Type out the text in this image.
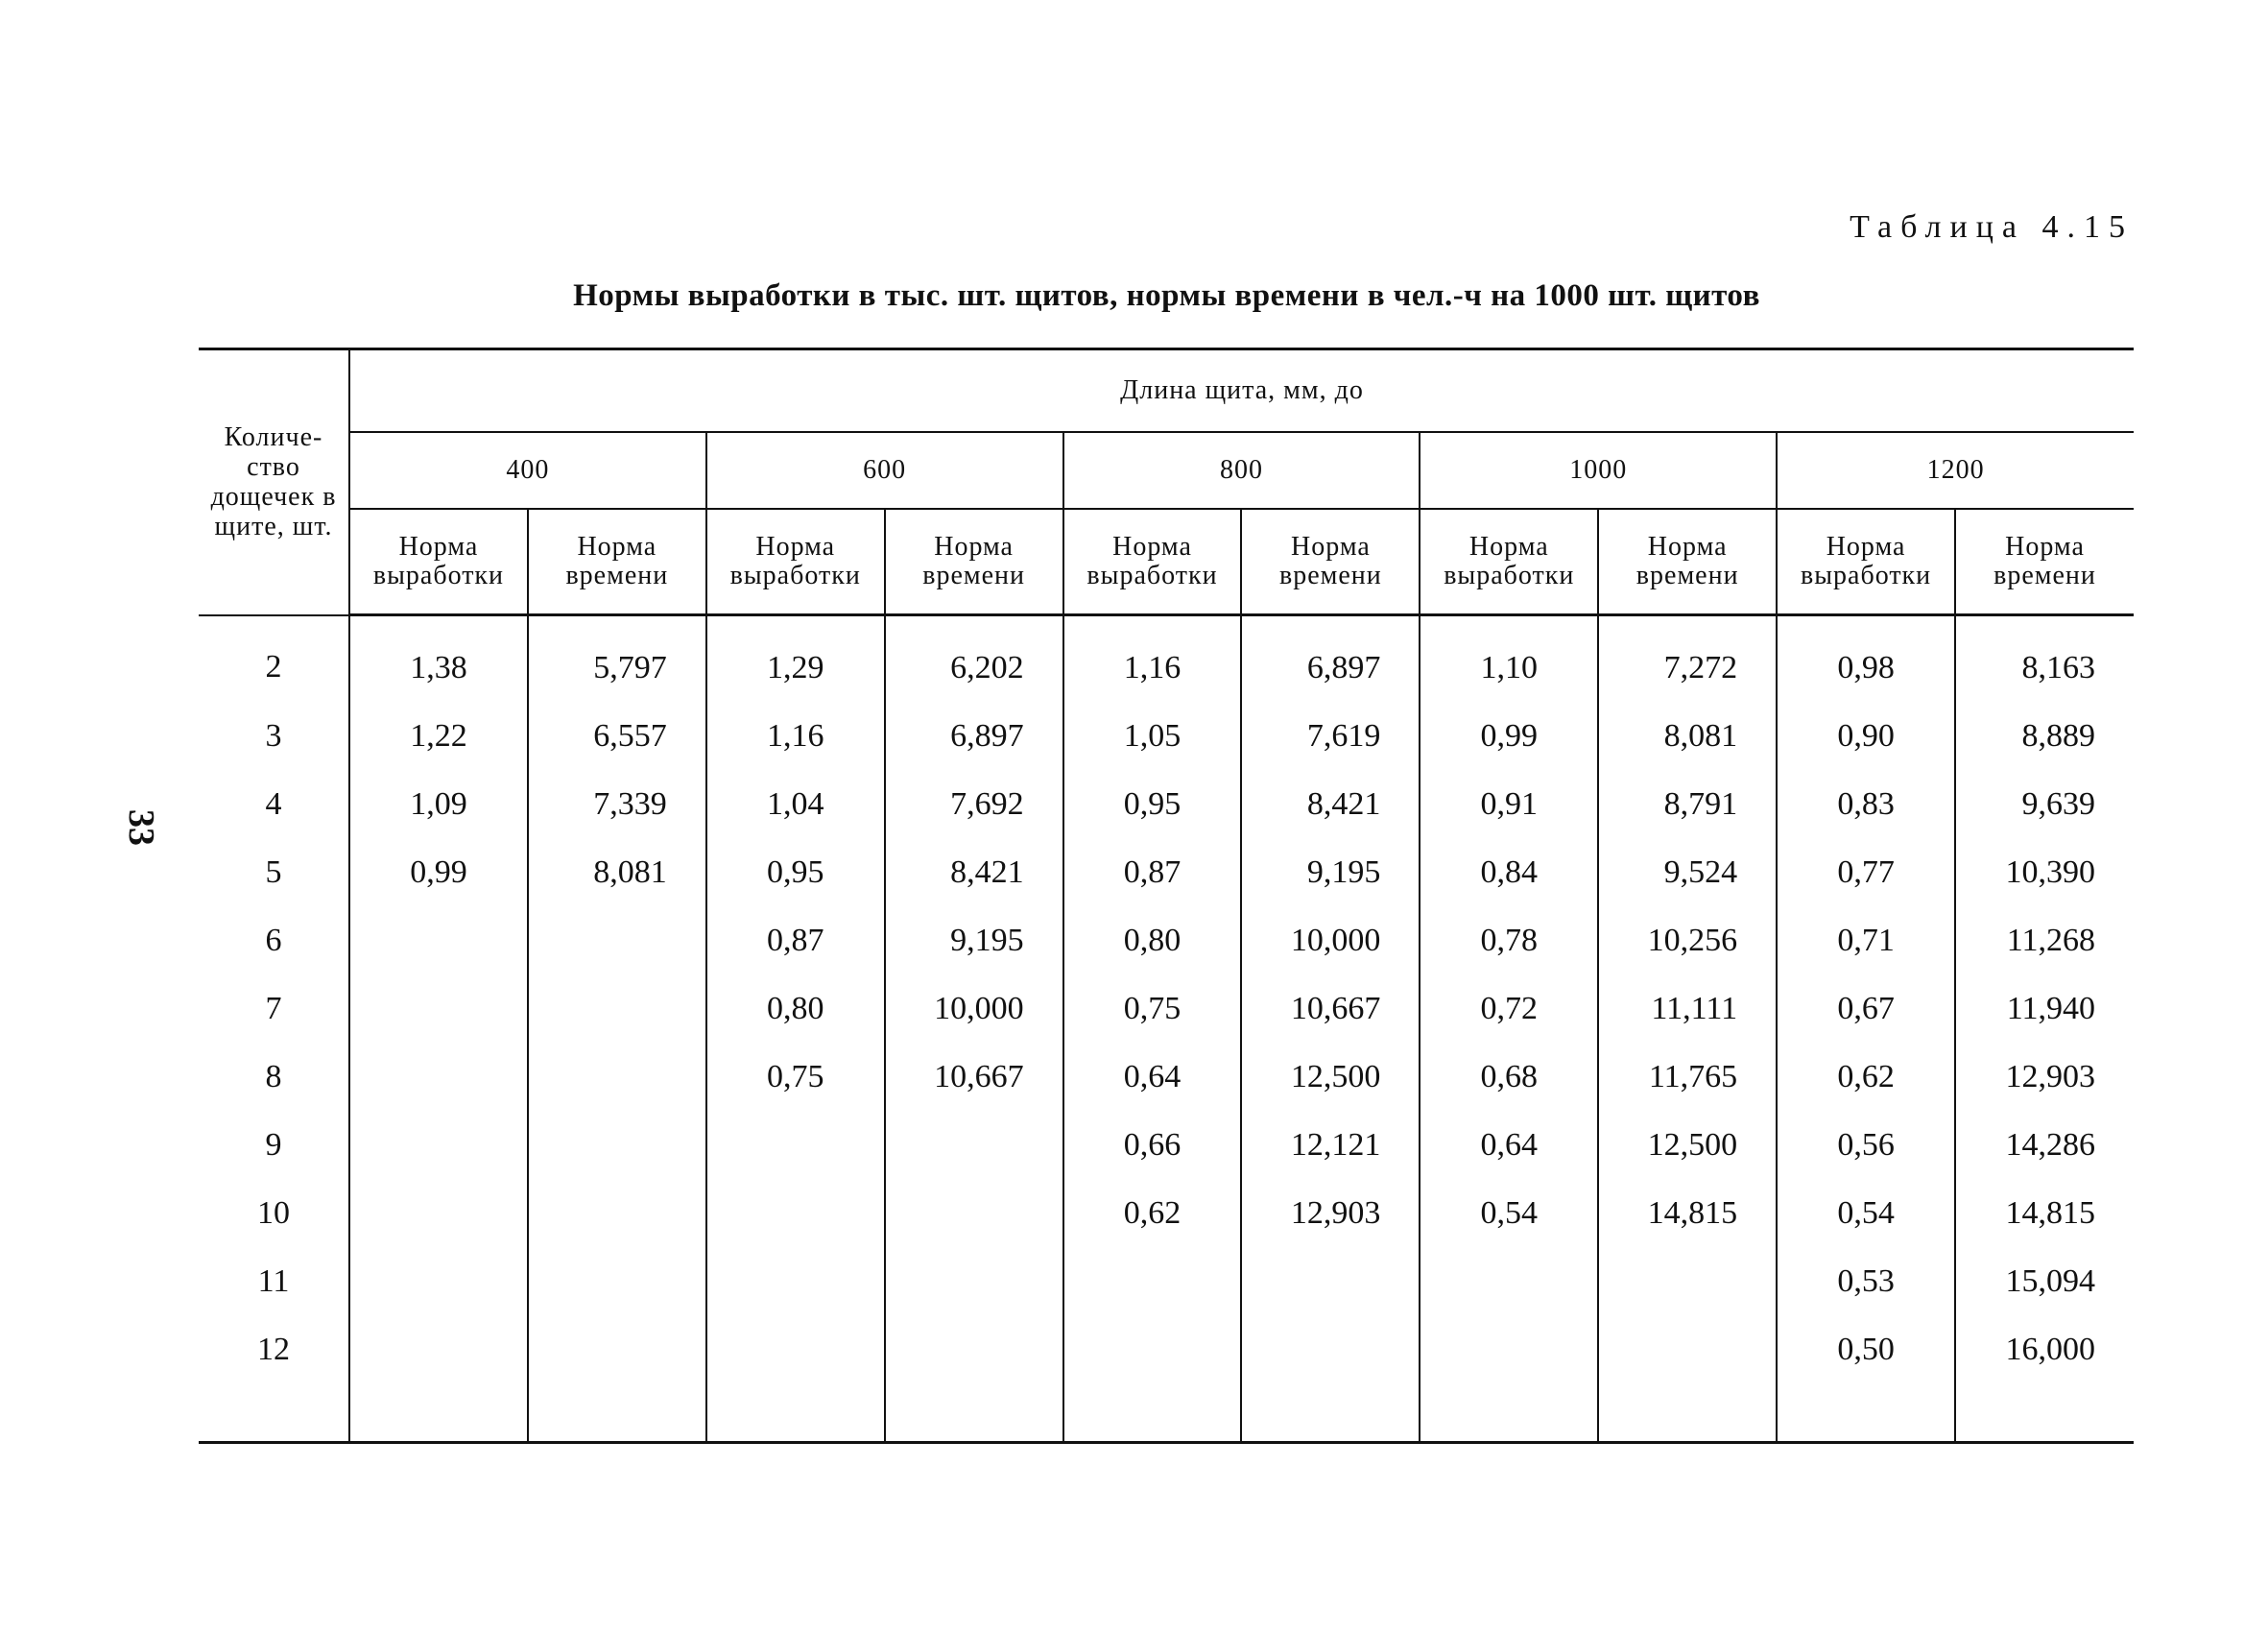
Таблица 4.15
Нормы выработки в тыс. шт. щитов, нормы времени в чел.-ч на 1000 шт. щитов
33
Количе-ство дощечек в щите, шт.	Длина щита, мм, до									
	400		600		800		1000		1200	
	Норма выработки	Норма времени	Норма выработки	Норма времени	Норма выработки	Норма времени	Норма выработки	Норма времени	Норма выработки	Норма времени
2	1,38	5,797	1,29	6,202	1,16	6,897	1,10	7,272	0,98	8,163
3	1,22	6,557	1,16	6,897	1,05	7,619	0,99	8,081	0,90	8,889
4	1,09	7,339	1,04	7,692	0,95	8,421	0,91	8,791	0,83	9,639
5	0,99	8,081	0,95	8,421	0,87	9,195	0,84	9,524	0,77	10,390
6			0,87	9,195	0,80	10,000	0,78	10,256	0,71	11,268
7			0,80	10,000	0,75	10,667	0,72	11,111	0,67	11,940
8			0,75	10,667	0,64	12,500	0,68	11,765	0,62	12,903
9					0,66	12,121	0,64	12,500	0,56	14,286
10					0,62	12,903	0,54	14,815	0,54	14,815
11									0,53	15,094
12									0,50	16,000
